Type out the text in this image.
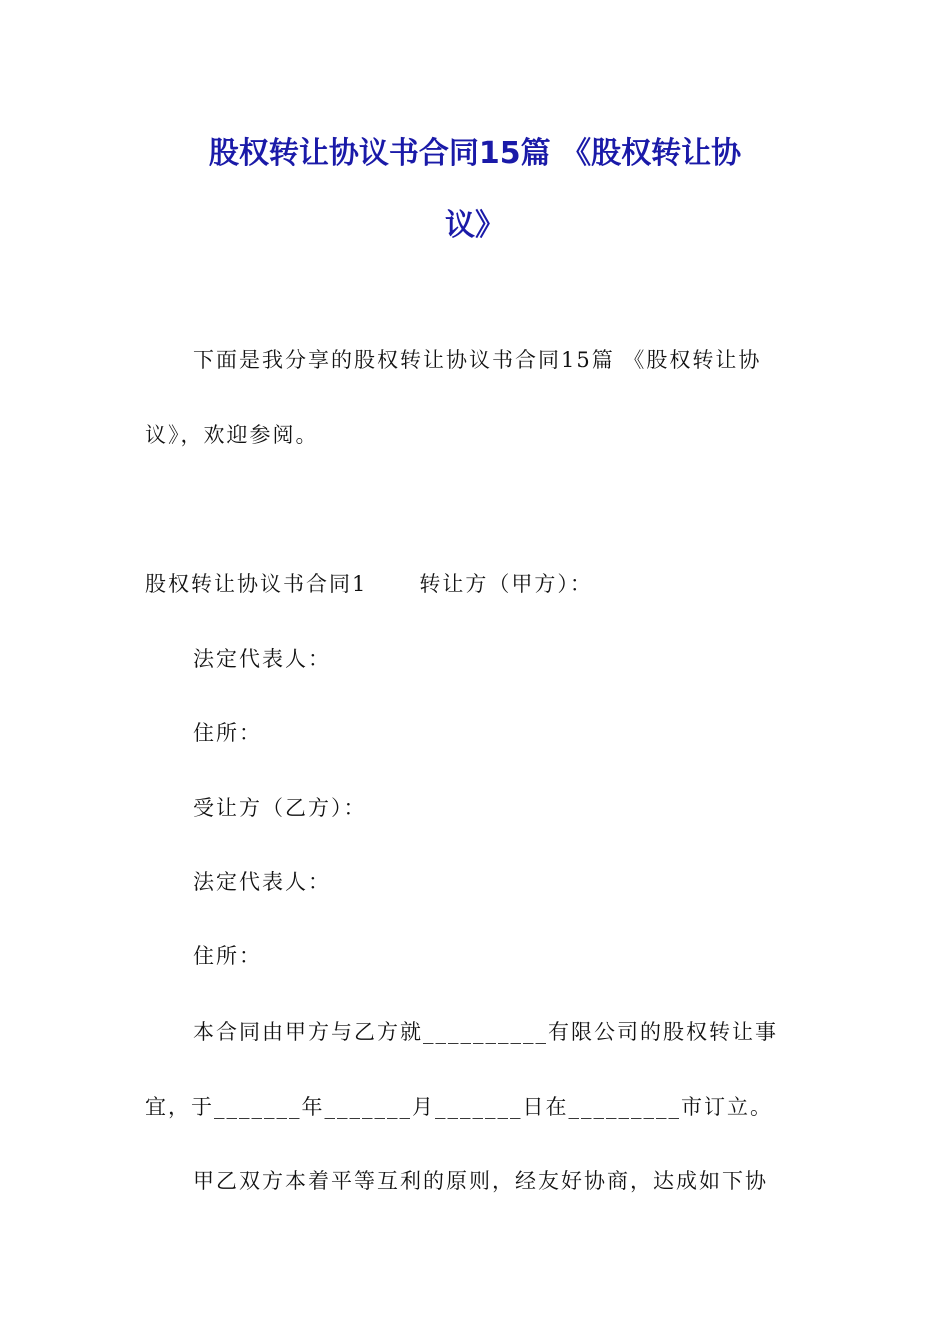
股权转让协议书合同15篇 《股权转让协
议》

下面是我分享的股权转让协议书合同15篇 《股权转让协

议》，欢迎参阅。

股权转让协议书合同1 转让方（甲方）：

法定代表人：

住所：

受让方（乙方）：

法定代表人：

住所：

本合同由甲方与乙方就__________有限公司的股权转让事

宜，于_______年_______月_______日在_________市订立。

甲乙双方本着平等互利的原则，经友好协商，达成如下协
